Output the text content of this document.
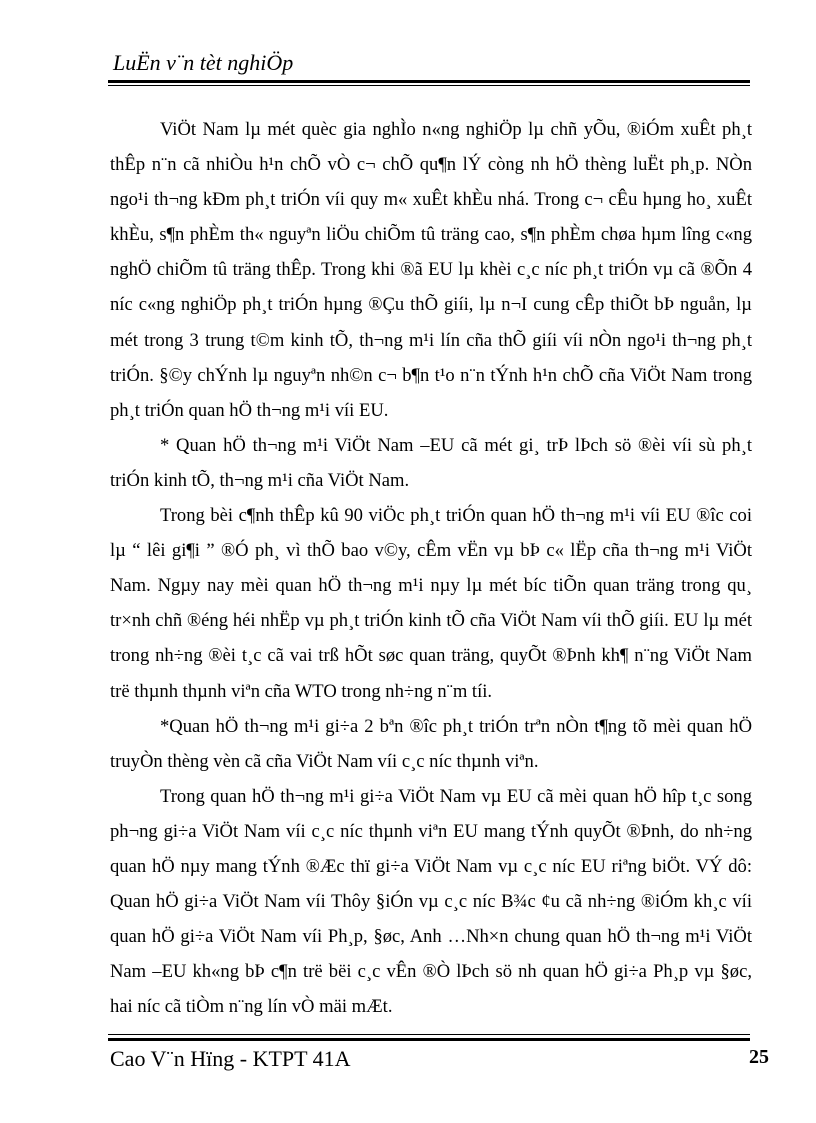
LuËn v¨n tèt nghiÖp

ViÖt Nam lµ mét quèc gia nghÌo n«ng nghiÖp lµ chñ yÕu, ®iÓm xuÊt ph¸t thÊp n¨n cã nhiÒu h¹n chÕ vÒ c¬ chÕ qu¶n lÝ còng nh hÖ thèng luËt ph¸p. NÒn ngo¹i th¬ng kÐm ph¸t triÓn víi quy m« xuÊt khÈu nhá. Trong c¬ cÊu hµng ho¸ xuÊt khÈu, s¶n phÈm th« nguyªn liÖu chiÕm tû träng cao, s¶n phÈm chøa hµm lîng c«ng nghÖ chiÕm tû träng thÊp. Trong khi ®ã EU lµ khèi c¸c níc ph¸t triÓn vµ cã ®Õn 4 níc c«ng nghiÖp ph¸t triÓn hµng ®Çu thÕ giíi, lµ n¬I cung cÊp thiÕt bÞ nguån, lµ mét trong 3 trung t©m kinh tÕ, th¬ng m¹i lín cña thÕ giíi víi nÒn ngo¹i th¬ng ph¸t triÓn. §©y chÝnh lµ nguyªn nh©n c¬ b¶n t¹o n¨n tÝnh h¹n chÕ cña ViÖt Nam trong ph¸t triÓn quan hÖ th¬ng m¹i víi EU.

* Quan hÖ th¬ng m¹i ViÖt Nam –EU cã mét gi¸ trÞ lÞch sö ®èi víi sù ph¸t triÓn kinh tÕ, th¬ng m¹i cña ViÖt Nam.

Trong bèi c¶nh thÊp kû 90 viÖc ph¸t triÓn quan hÖ th¬ng m¹i víi EU ®îc coi lµ “ lêi gi¶i ” ®Ó ph¸ vì thÕ bao v©y, cÊm vËn vµ bÞ c« lËp cña th¬ng m¹i ViÖt Nam. Ngµy nay mèi quan hÖ th¬ng m¹i nµy lµ mét bíc tiÕn quan träng trong qu¸ tr×nh chñ ®éng héi nhËp vµ ph¸t triÓn kinh tÕ cña ViÖt Nam víi thÕ giíi. EU lµ mét trong nh÷ng ®èi t¸c cã vai trß hÕt søc quan träng, quyÕt ®Þnh kh¶ n¨ng ViÖt Nam trë thµnh thµnh viªn cña WTO trong nh÷ng n¨m tíi.

*Quan hÖ th¬ng m¹i gi÷a 2 bªn ®îc ph¸t triÓn trªn nÒn t¶ng tõ mèi quan hÖ truyÒn thèng vèn cã cña ViÖt Nam víi c¸c níc thµnh viªn.

Trong quan hÖ th¬ng m¹i gi÷a ViÖt Nam vµ EU cã mèi quan hÖ hîp t¸c song ph¬ng gi÷a ViÖt Nam víi c¸c níc thµnh viªn EU mang tÝnh quyÕt ®Þnh, do nh÷ng quan hÖ nµy mang tÝnh ®Æc thï gi÷a ViÖt Nam vµ c¸c níc EU riªng biÖt. VÝ dô: Quan hÖ gi÷a ViÖt Nam víi Thôy §iÓn vµ c¸c níc B¾c ¢u cã nh÷ng ®iÓm kh¸c víi quan hÖ gi÷a ViÖt Nam víi Ph¸p, §øc, Anh …Nh×n chung quan hÖ th¬ng m¹i ViÖt Nam –EU kh«ng bÞ c¶n trë bëi c¸c vÊn ®Ò lÞch sö nh quan hÖ gi÷a Ph¸p vµ §øc, hai níc cã tiÒm n¨ng lín vÒ mäi mÆt.

Cao V¨n Hïng - KTPT 41A	25
